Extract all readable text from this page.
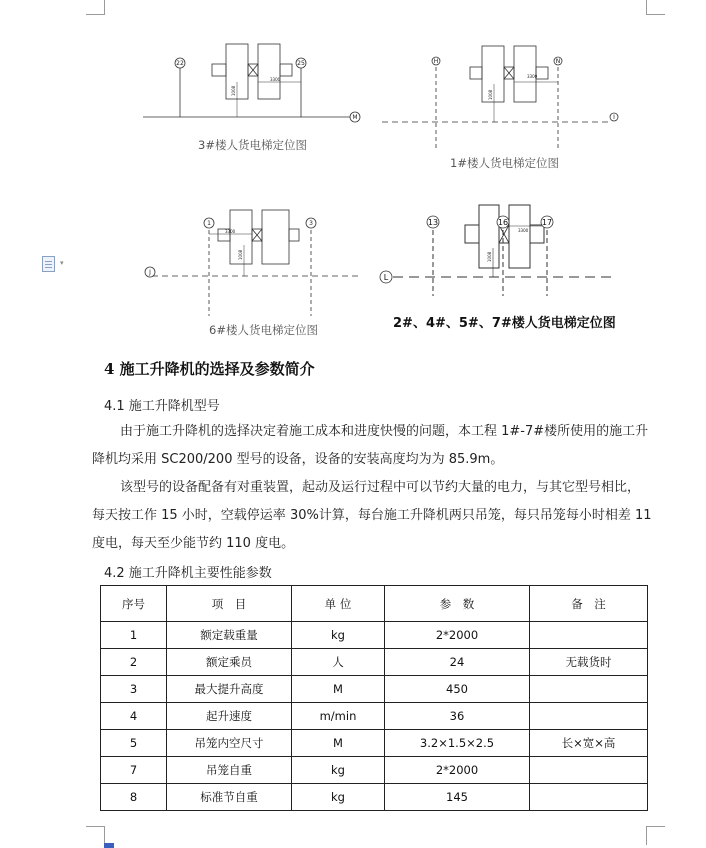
▾
22	25
M
H	N
I
1	3
J
13	16	17
L
3300
1008
3300
1008
3300
1008
3300
1008
3#楼人货电梯定位图
1#楼人货电梯定位图
6#楼人货电梯定位图	2#、4#、5#、7#楼人货电梯定位图
4 施工升降机的选择及参数简介
4.1 施工升降机型号
由于施工升降机的选择决定着施工成本和进度快慢的问题，本工程 1#-7#楼所使用的施工升降机均采用 SC200/200 型号的设备，设备的安装高度均为为 85.9m。
该型号的设备配备有对重装置，起动及运行过程中可以节约大量的电力，与其它型号相比，每天按工作 15 小时，空载停运率 30%计算，每台施工升降机两只吊笼，每只吊笼每小时相差 11 度电，每天至少能节约 110 度电。
4.2 施工升降机主要性能参数
序号	项　目	单 位	参　数	备　注
1	额定载重量	kg	2*2000	
2	额定乘员	人	24	无载货时
3	最大提升高度	M	450	
4	起升速度	m/min	36	
5	吊笼内空尺寸	M	3.2×1.5×2.5	长×宽×高
7	吊笼自重	kg	2*2000	
8	标准节自重	kg	145	
